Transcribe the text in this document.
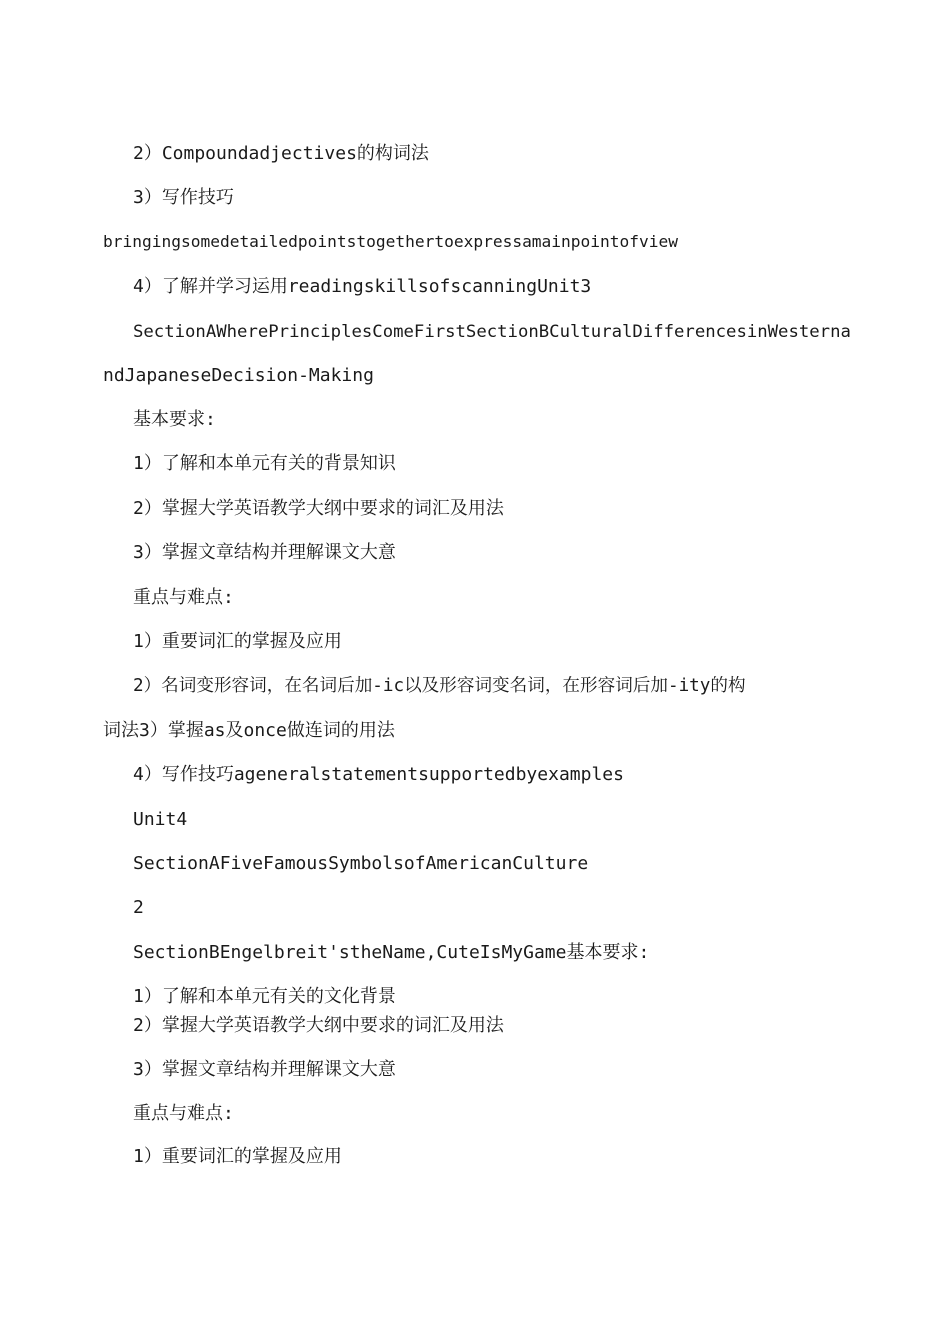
2）Compoundadjectives的构词法
3）写作技巧
bringingsomedetailedpointstogethertoexpressamainpointofview
4）了解并学习运用readingskillsofscanningUnit3
SectionAWherePrinciplesComeFirstSectionBCulturalDifferencesinWesterna
ndJapaneseDecision-Making
基本要求:
1）了解和本单元有关的背景知识
2）掌握大学英语教学大纲中要求的词汇及用法
3）掌握文章结构并理解课文大意
重点与难点:
1）重要词汇的掌握及应用
2）名词变形容词，在名词后加-ic以及形容词变名词，在形容词后加-ity的构
词法3）掌握as及once做连词的用法
4）写作技巧ageneralstatementsupportedbyexamples
Unit4
SectionAFiveFamousSymbolsofAmericanCulture
2
SectionBEngelbreit'stheName,CuteIsMyGame基本要求:
1）了解和本单元有关的文化背景
2）掌握大学英语教学大纲中要求的词汇及用法
3）掌握文章结构并理解课文大意
重点与难点:
1）重要词汇的掌握及应用
